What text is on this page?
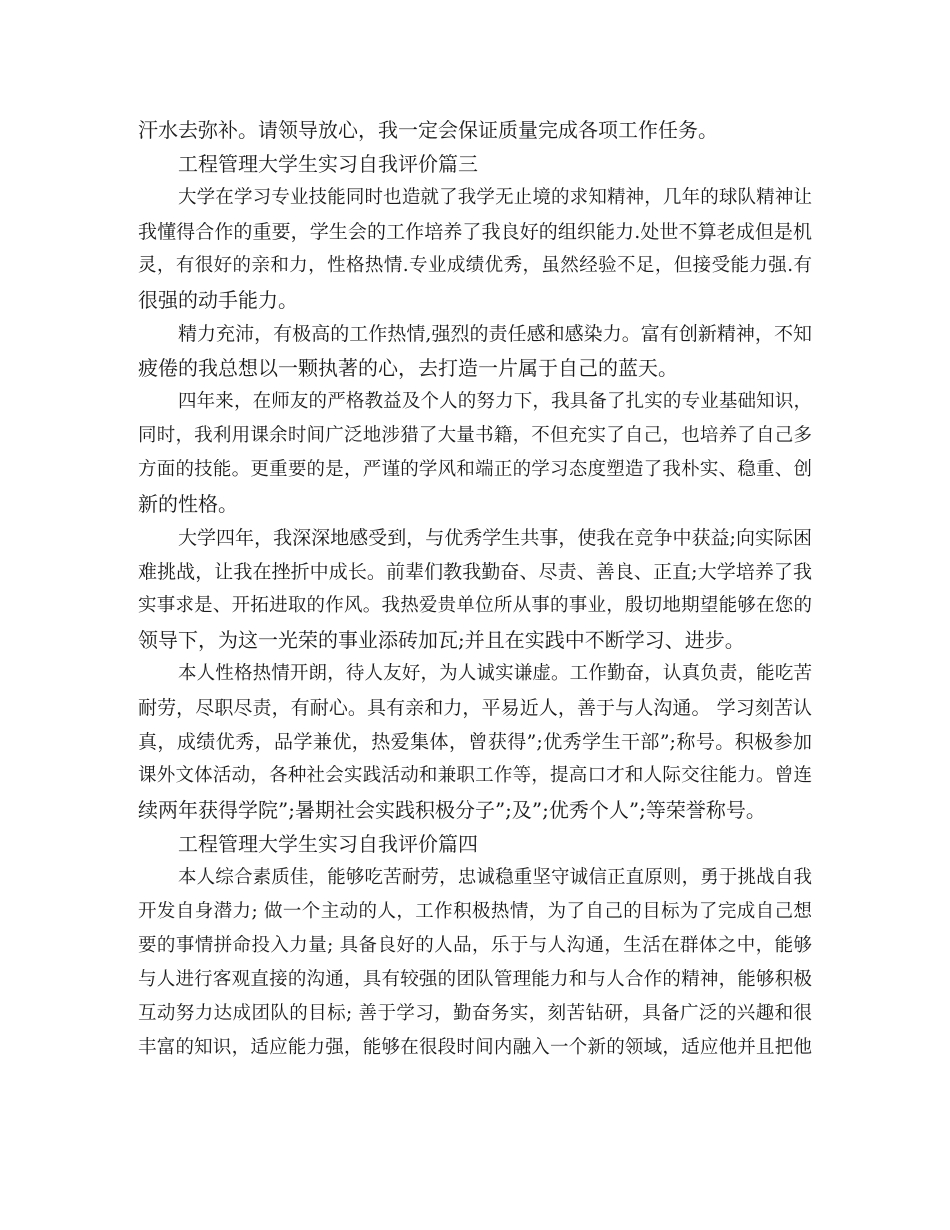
汗水去弥补。请领导放心，我一定会保证质量完成各项工作任务。
工程管理大学生实习自我评价篇三
大学在学习专业技能同时也造就了我学无止境的求知精神，几年的球队精神让
我懂得合作的重要，学生会的工作培养了我良好的组织能力.处世不算老成但是机
灵，有很好的亲和力，性格热情.专业成绩优秀，虽然经验不足，但接受能力强.有
很强的动手能力。
精力充沛，有极高的工作热情,强烈的责任感和感染力。富有创新精神，不知
疲倦的我总想以一颗执著的心，去打造一片属于自己的蓝天。
四年来，在师友的严格教益及个人的努力下，我具备了扎实的专业基础知识，
同时，我利用课余时间广泛地涉猎了大量书籍，不但充实了自己，也培养了自己多
方面的技能。更重要的是，严谨的学风和端正的学习态度塑造了我朴实、稳重、创
新的性格。
大学四年，我深深地感受到，与优秀学生共事，使我在竞争中获益;向实际困
难挑战，让我在挫折中成长。前辈们教我勤奋、尽责、善良、正直;大学培养了我
实事求是、开拓进取的作风。我热爱贵单位所从事的事业，殷切地期望能够在您的
领导下，为这一光荣的事业添砖加瓦;并且在实践中不断学习、进步。
本人性格热情开朗，待人友好，为人诚实谦虚。工作勤奋，认真负责，能吃苦
耐劳，尽职尽责，有耐心。具有亲和力，平易近人，善于与人沟通。 学习刻苦认
真，成绩优秀，品学兼优，热爱集体，曾获得”;优秀学生干部”;称号。积极参加
课外文体活动，各种社会实践活动和兼职工作等，提高口才和人际交往能力。曾连
续两年获得学院”;暑期社会实践积极分子”;及”;优秀个人”;等荣誉称号。
工程管理大学生实习自我评价篇四
本人综合素质佳，能够吃苦耐劳，忠诚稳重坚守诚信正直原则，勇于挑战自我
开发自身潜力; 做一个主动的人，工作积极热情，为了自己的目标为了完成自己想
要的事情拼命投入力量; 具备良好的人品，乐于与人沟通，生活在群体之中，能够
与人进行客观直接的沟通，具有较强的团队管理能力和与人合作的精神，能够积极
互动努力达成团队的目标; 善于学习，勤奋务实，刻苦钻研，具备广泛的兴趣和很
丰富的知识，适应能力强，能够在很段时间内融入一个新的领域，适应他并且把他
